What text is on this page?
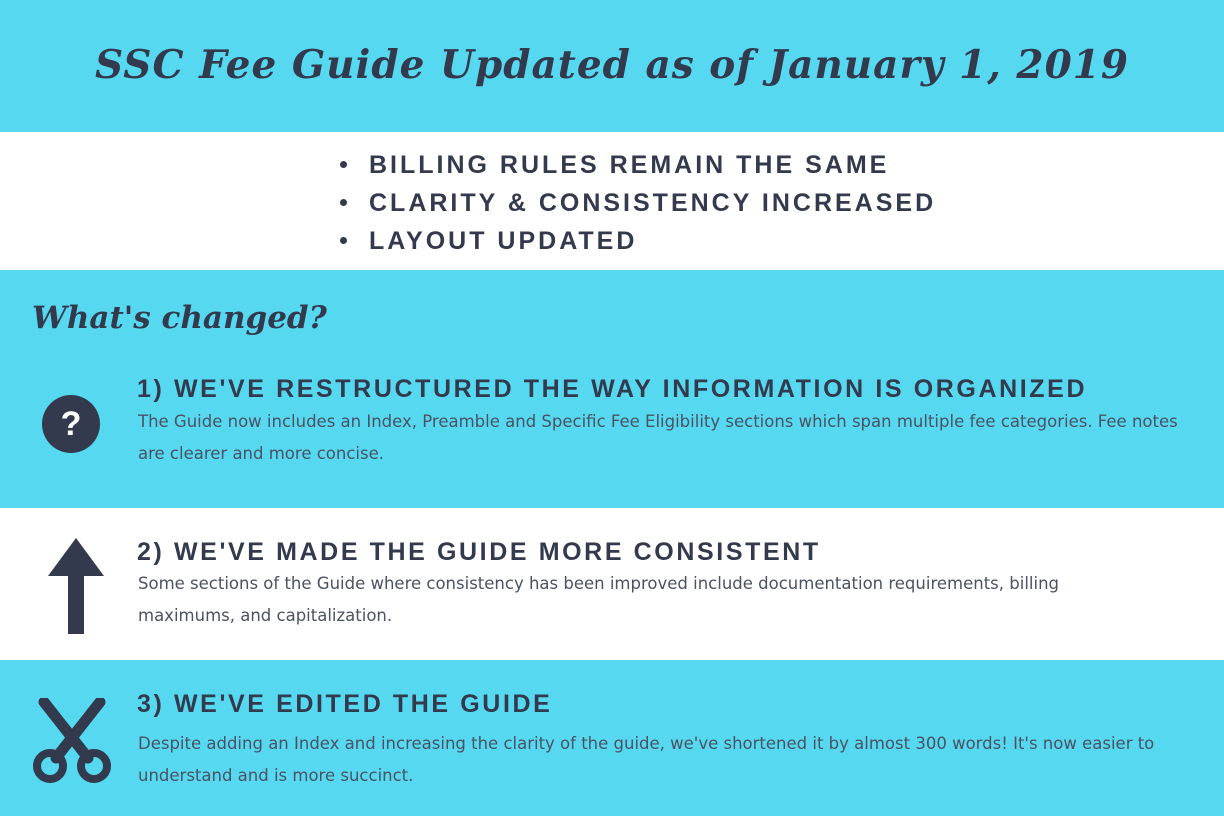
SSC Fee Guide Updated as of January 1, 2019
BILLING RULES REMAIN THE SAME
CLARITY & CONSISTENCY INCREASED
LAYOUT UPDATED
What's changed?
?
1) WE'VE RESTRUCTURED THE WAY INFORMATION IS ORGANIZED

The Guide now includes an Index, Preamble and Specific Fee Eligibility sections which span multiple fee categories. Fee notes are clearer and more concise.

2) WE'VE MADE THE GUIDE MORE CONSISTENT

Some sections of the Guide where consistency has been improved include documentation requirements, billing maximums, and capitalization.

3) WE'VE EDITED THE GUIDE

Despite adding an Index and increasing the clarity of the guide, we've shortened it by almost 300 words! It's now easier to understand and is more succinct.
